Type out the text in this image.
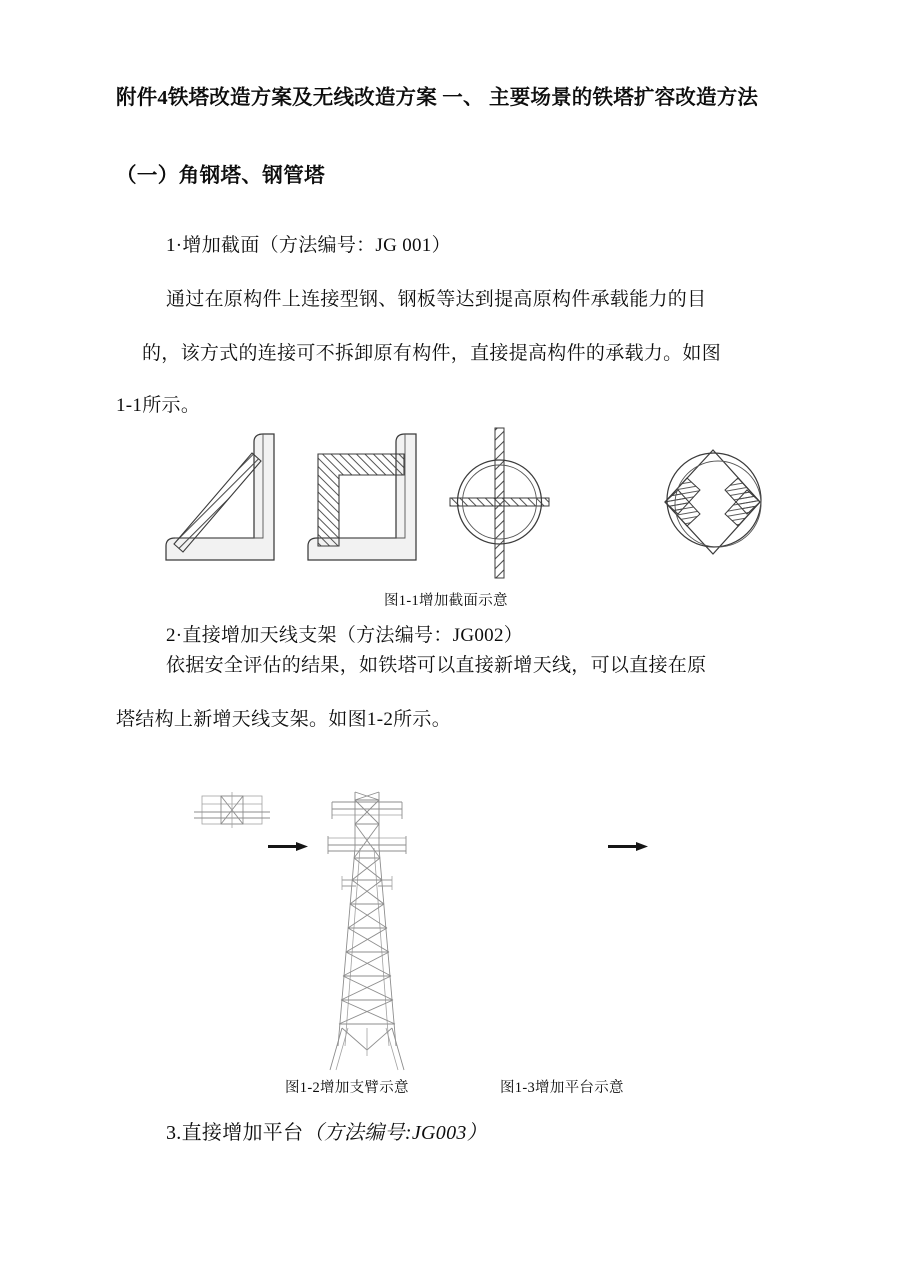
附件4铁塔改造方案及无线改造方案 一、 主要场景的铁塔扩容改造方法
（一）角钢塔、钢管塔
1·增加截面（方法编号：JG 001）
通过在原构件上连接型钢、钢板等达到提高原构件承载能力的目
的，该方式的连接可不拆卸原有构件，直接提高构件的承载力。如图
1-1所示。
图1-1增加截面示意
2·直接增加天线支架（方法编号：JG002）
依据安全评估的结果，如铁塔可以直接新增天线，可以直接在原
塔结构上新增天线支架。如图1-2所示。
图1-2增加支臂示意	图1-3增加平台示意
3.直接增加平台（方法编号:JG003）
